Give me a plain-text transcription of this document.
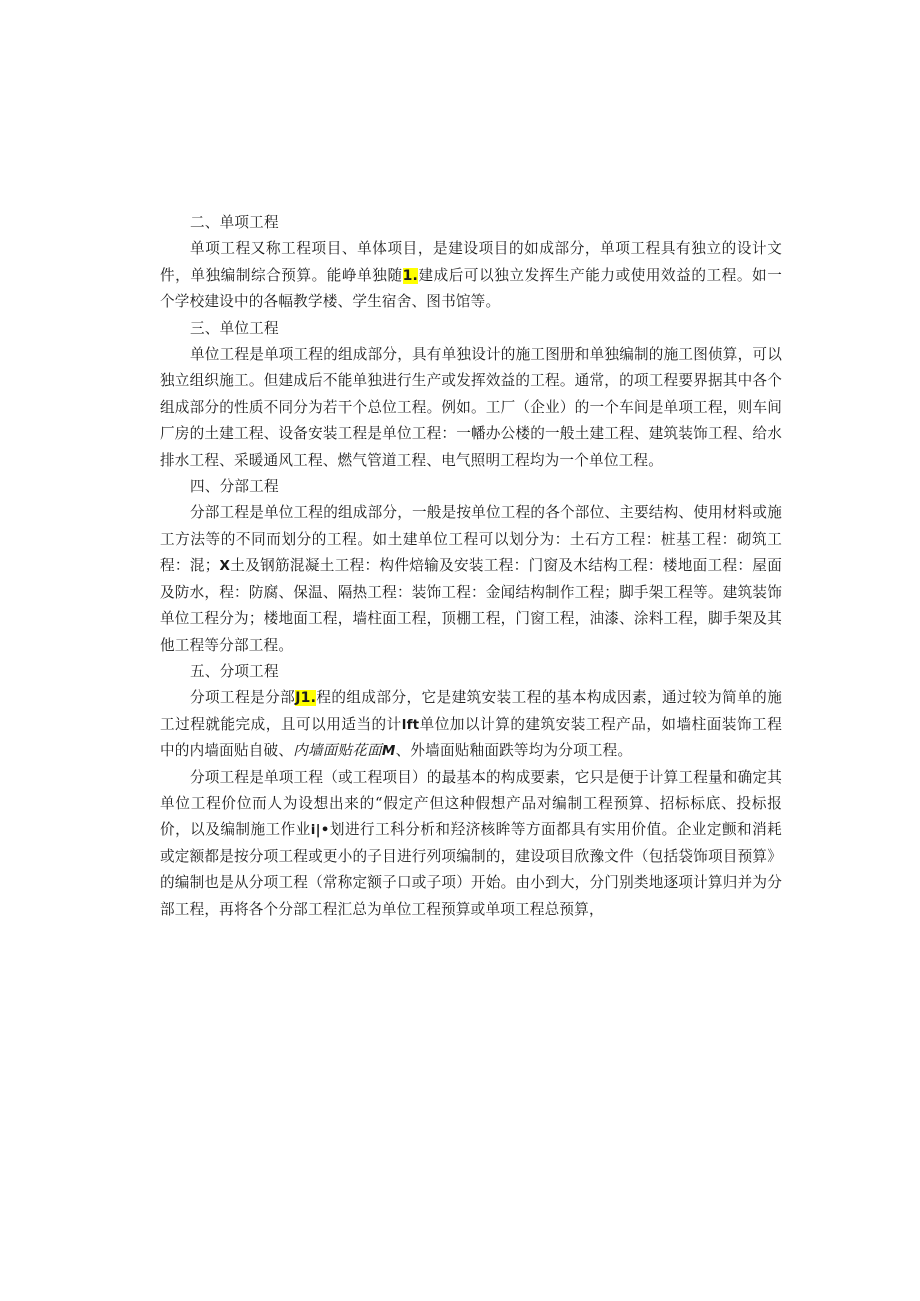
二、单项工程

单项工程又称工程项目、单体项目，是建设项目的如成部分，单项工程具有独立的设计文件，单独编制综合预算。能峥单独随1.建成后可以独立发挥生产能力或使用效益的工程。如一个学校建设中的各幅教学楼、学生宿舍、图书馆等。

三、单位工程

单位工程是单项工程的组成部分，具有单独设计的施工图册和单独编制的施工图侦算，可以独立组织施工。但建成后不能单独进行生产或发挥效益的工程。通常，的项工程要界据其中各个组成部分的性质不同分为若干个总位工程。例如。工厂（企业）的一个车间是单项工程，则车间厂房的土建工程、设备安装工程是单位工程：一幡办公楼的一般土建工程、建筑装饰工程、给水排水工程、采暖通风工程、燃气管道工程、电气照明工程均为一个单位工程。

四、分部工程

分部工程是单位工程的组成部分，一般是按单位工程的各个部位、主要结构、使用材料或施工方法等的不同而划分的工程。如土建单位工程可以划分为：土石方工程：桩基工程：砌筑工程：混；X土及钢筋混凝土工程：构件焙输及安装工程：门窗及木结构工程：楼地面工程：屋面及防水，程：防腐、保温、隔热工程：装饰工程：金闻结构制作工程；脚手架工程等。建筑装饰单位工程分为；楼地面工程，墙柱面工程，顶棚工程，门窗工程，油漆、涂料工程，脚手架及其他工程等分部工程。

五、分项工程

分项工程是分部J1.程的组成部分，它是建筑安装工程的基本构成因素，通过较为简单的施工过程就能完成，且可以用适当的计lft单位加以计算的建筑安装工程产品，如墙柱面装饰工程中的内墙面贴自破、内墙面贴花面M、外墙面贴釉面跌等均为分项工程。

分项工程是单项工程（或工程项目）的最基本的构成要素，它只是便于计算工程量和确定其单位工程价位而人为设想出来的“假定产但这种假想产品对编制工程预算、招标标底、投标报价，以及编制施工作业i|•划进行工科分析和羟济核眸等方面都具有实用价值。企业定颤和消耗或定额都是按分项工程或更小的子目进行列项编制的，建设项目欣豫文件（包括袋饰项目预算》的编制也是从分项工程（常称定额子口或子项）开始。由小到大，分门别类地逐项计算归并为分部工程，再将各个分部工程汇总为单位工程预算或单项工程总预算，
